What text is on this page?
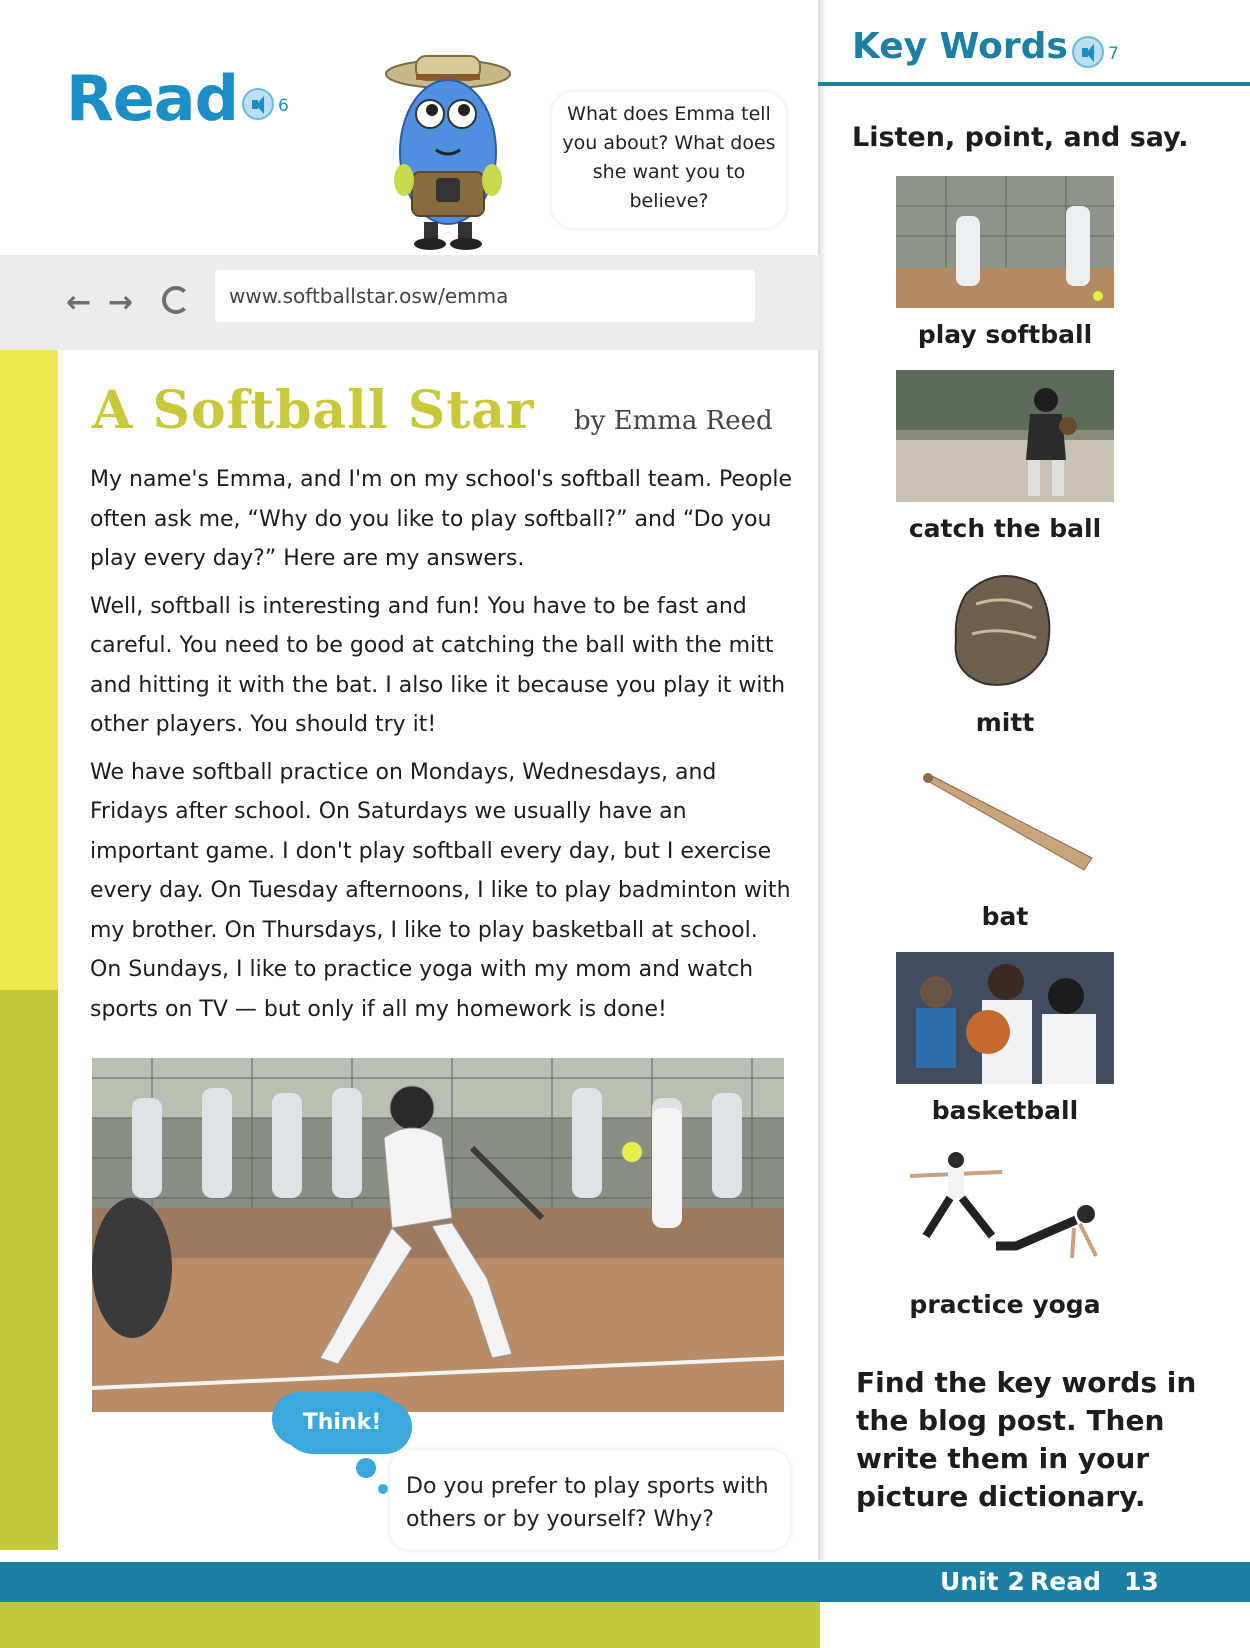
Read 6	What does Emma tell you about? What does she want you to believe?
← →	www.softballstar.osw/emma
A Softball Star by Emma Reed

My name's Emma, and I'm on my school's softball team. People often ask me, “Why do you like to play softball?” and “Do you play every day?” Here are my answers.

Well, softball is interesting and fun! You have to be fast and careful. You need to be good at catching the ball with the mitt and hitting it with the bat. I also like it because you play it with other players. You should try it!

We have softball practice on Mondays, Wednesdays, and Fridays after school. On Saturdays we usually have an important game. I don't play softball every day, but I exercise every day. On Tuesday afternoons, I like to play badminton with my brother. On Thursdays, I like to play basketball at school. On Sundays, I like to practice yoga with my mom and watch sports on TV — but only if all my homework is done!

Do you prefer to play sports with others or by yourself? Why?
Think!
Key Words 7
Listen, point, and say.
play softball
catch the ball
mitt
bat
basketball
practice yoga
Find the key words in the blog post. Then write them in your picture dictionary.
Unit 2 Read 13
